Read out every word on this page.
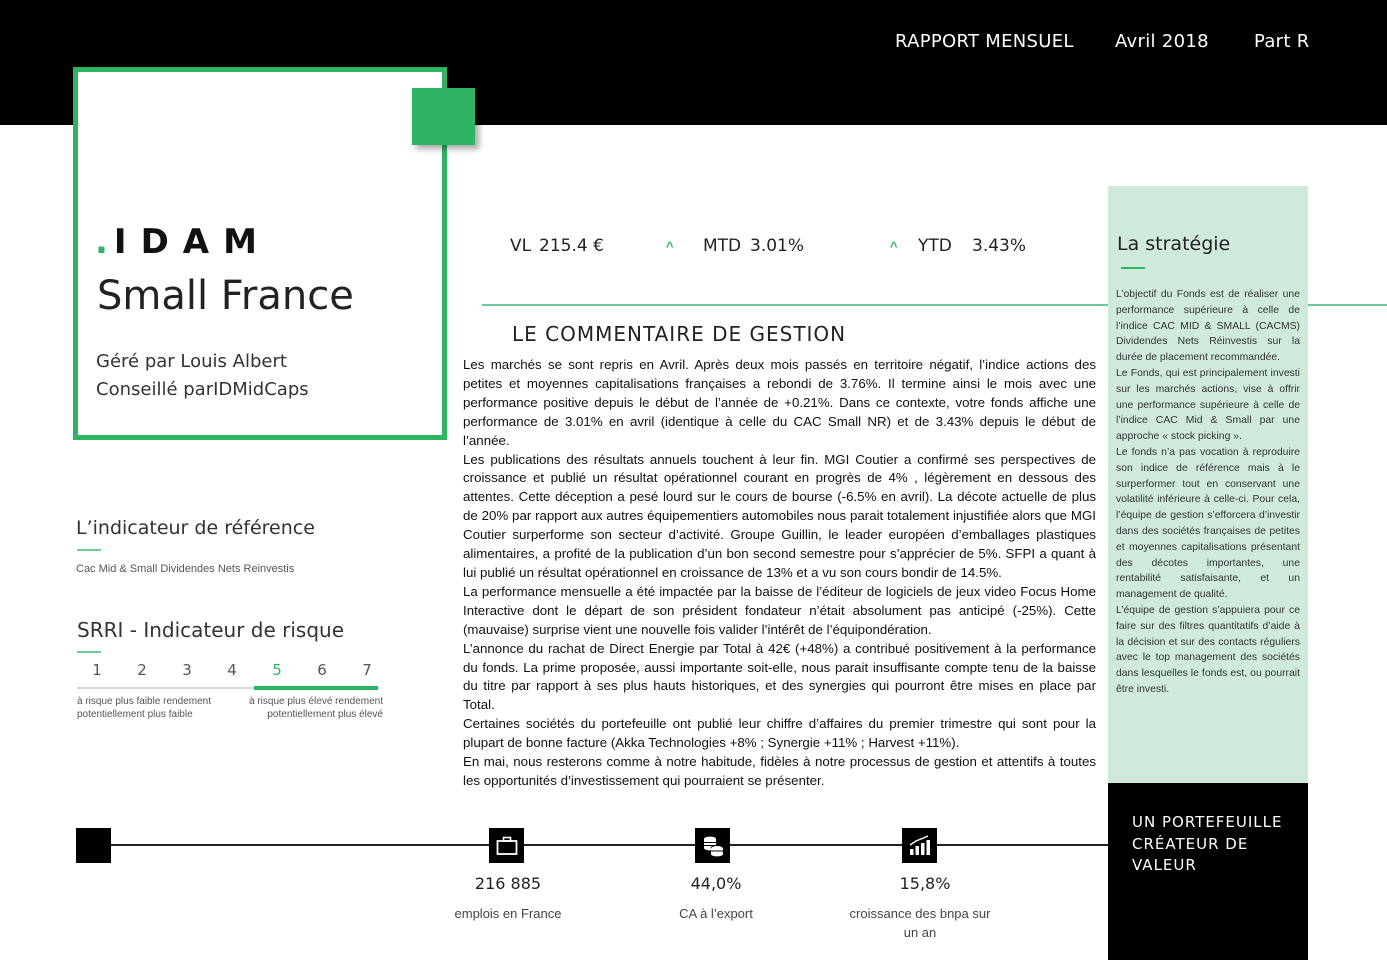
RAPPORT MENSUEL Avril 2018	Part R
.IDAM
Small France
Géré par Louis Albert
Conseillé parIDMidCaps
VL 215.4 €	^ MTD 3.01%	^ YTD 3.43%
LE COMMENTAIRE DE GESTION

Les marchés se sont repris en Avril. Après deux mois passés en territoire négatif, l’indice actions des petites et moyennes capitalisations françaises a rebondi de 3.76%. Il termine ainsi le mois avec une performance positive depuis le début de l’année de +0.21%. Dans ce contexte, votre fonds affiche une performance de 3.01% en avril (identique à celle du CAC Small NR) et de 3.43% depuis le début de l’année.

Les publications des résultats annuels touchent à leur fin. MGI Coutier a confirmé ses perspectives de croissance et publié un résultat opérationnel courant en progrès de 4% , légèrement en dessous des attentes. Cette déception a pesé lourd sur le cours de bourse (-6.5% en avril). La décote actuelle de plus de 20% par rapport aux autres équipementiers automobiles nous parait totalement injustifiée alors que MGI Coutier surperforme son secteur d’activité. Groupe Guillin, le leader européen d’emballages plastiques alimentaires, a profité de la publication d’un bon second semestre pour s’apprécier de 5%. SFPI a quant à lui publié un résultat opérationnel en croissance de 13% et a vu son cours bondir de 14.5%.

La performance mensuelle a été impactée par la baisse de l’éditeur de logiciels de jeux video Focus Home Interactive dont le départ de son président fondateur n’était absolument pas anticipé (-25%). Cette (mauvaise) surprise vient une nouvelle fois valider l’intérêt de l’équipondération.

L’annonce du rachat de Direct Energie par Total à 42€ (+48%) a contribué positivement à la performance du fonds. La prime proposée, aussi importante soit-elle, nous parait insuffisante compte tenu de la baisse du titre par rapport à ses plus hauts historiques, et des synergies qui pourront être mises en place par Total.

Certaines sociétés du portefeuille ont publié leur chiffre d’affaires du premier trimestre qui sont pour la plupart de bonne facture (Akka Technologies +8% ; Synergie +11% ; Harvest +11%).

En mai, nous resterons comme à notre habitude, fidèles à notre processus de gestion et attentifs à toutes les opportunités d’investissement qui pourraient se présenter.

La stratégie

L’objectif du Fonds est de réaliser une performance supérieure à celle de l’indice CAC MID & SMALL (CACMS) Dividendes Nets Réinvestis sur la durée de placement recommandée.

Le Fonds, qui est principalement investi sur les marchés actions, vise à offrir une performance supérieure à celle de l’indice CAC Mid & Small par une approche « stock picking ».

Le fonds n’a pas vocation à reproduire son indice de référence mais à le surperformer tout en conservant une volatilité inférieure à celle-ci. Pour cela, l’équipe de gestion s’efforcera d’investir dans des sociétés françaises de petites et moyennes capitalisations présentant des décotes importantes, une rentabilité satisfaisante, et un management de qualité.

L’équipe de gestion s’appuiera pour ce faire sur des filtres quantitatifs d’aide à la décision et sur des contacts réguliers avec le top management des sociétés dans lesquelles le fonds est, ou pourrait être investi.

UN PORTEFEUILLE CRÉATEUR DE VALEUR
L’indicateur de référence
Cac Mid & Small Dividendes Nets Reinvestis
SRRI - Indicateur de risque
1	2	3	4	5	6	7
à risque plus faible rendement potentiellement plus faible
à risque plus élevé rendement potentiellement plus élevé
216 885
emplois en France
44,0%
CA à l’export
15,8%
croissance des bnpa sur un an
